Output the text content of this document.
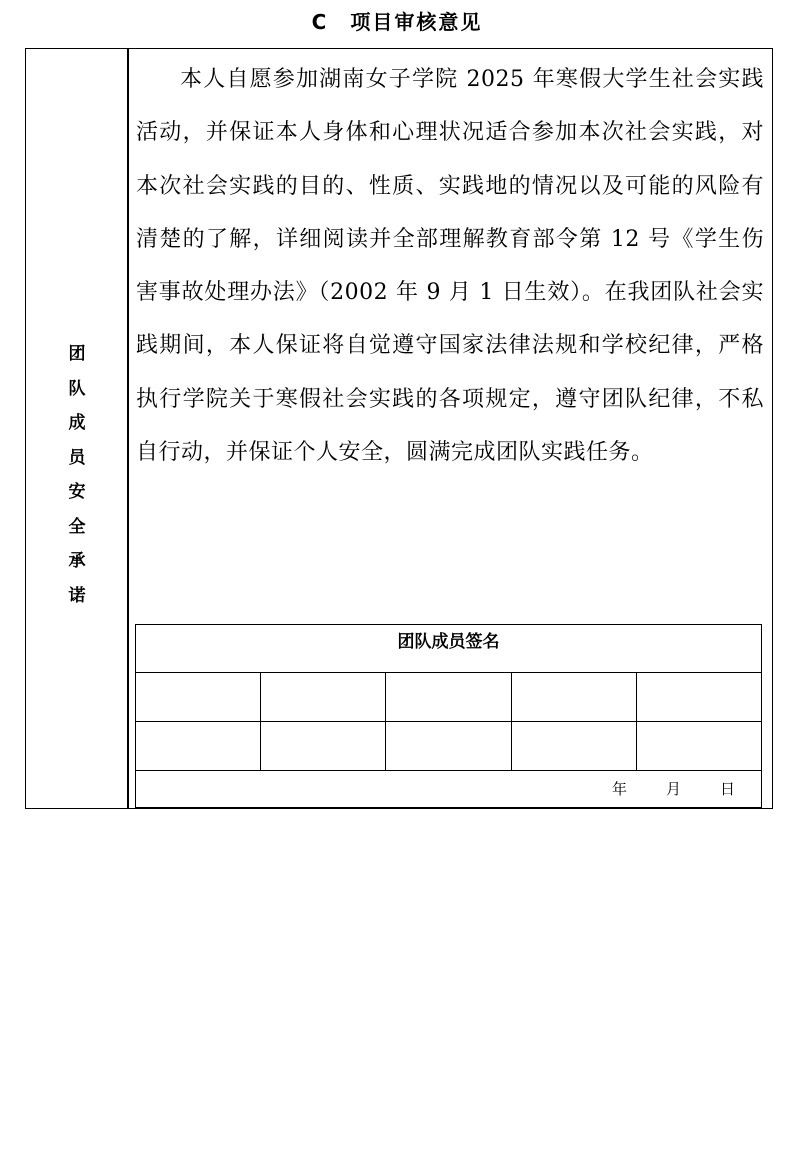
C　项目审核意见
团
队
成
员
安
全
承
诺

本人自愿参加湖南女子学院 2025 年寒假大学生社会实践活动，并保证本人身体和心理状况适合参加本次社会实践，对本次社会实践的目的、性质、实践地的情况以及可能的风险有清楚的了解，详细阅读并全部理解教育部令第 12 号《学生伤害事故处理办法》（2002 年 9 月 1 日生效）。在我团队社会实践期间，本人保证将自觉遵守国家法律法规和学校纪律，严格执行学院关于寒假社会实践的各项规定，遵守团队纪律，不私自行动，并保证个人安全，圆满完成团队实践任务。

团队成员签名
年	月	日
